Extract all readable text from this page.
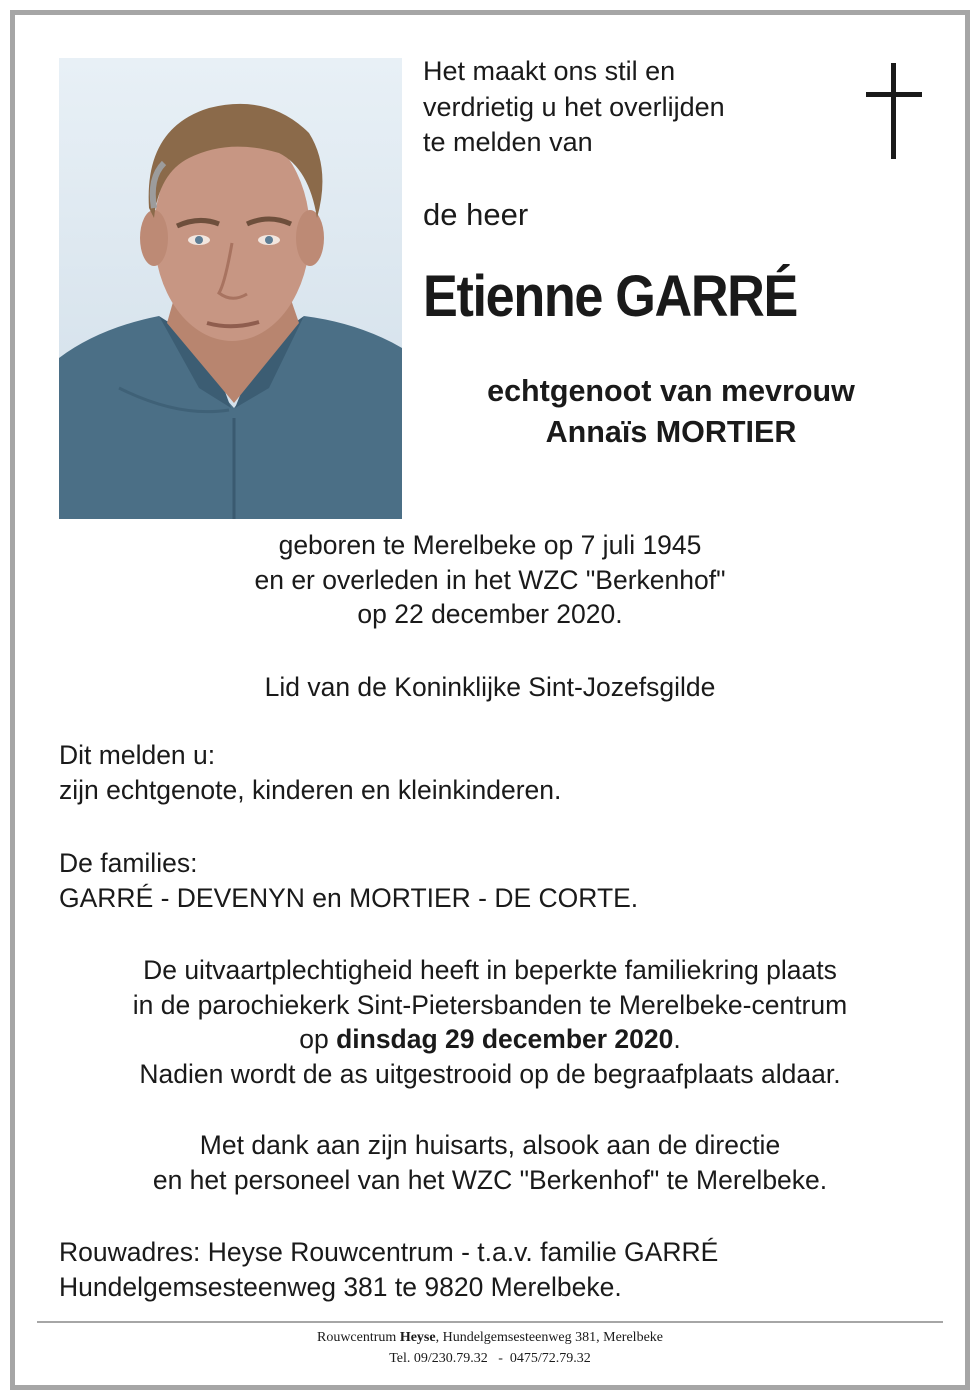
Het maakt ons stil en
verdrietig u het overlijden
te melden van
de heer
Etienne GARRÉ
echtgenoot van mevrouw
Annaïs MORTIER
geboren te Merelbeke op 7 juli 1945
en er overleden in het WZC "Berkenhof"
op 22 december 2020.
Lid van de Koninklijke Sint-Jozefsgilde
Dit melden u:
zijn echtgenote, kinderen en kleinkinderen.
De families:
GARRÉ - DEVENYN en MORTIER - DE CORTE.
De uitvaartplechtigheid heeft in beperkte familiekring plaats
in de parochiekerk Sint-Pietersbanden te Merelbeke-centrum
op dinsdag 29 december 2020.
Nadien wordt de as uitgestrooid op de begraafplaats aldaar.
Met dank aan zijn huisarts, alsook aan de directie
en het personeel van het WZC "Berkenhof" te Merelbeke.
Rouwadres: Heyse Rouwcentrum - t.a.v. familie GARRÉ
Hundelgemsesteenweg 381 te 9820 Merelbeke.
Rouwcentrum Heyse, Hundelgemsesteenweg 381, Merelbeke
Tel. 09/230.79.32   -  0475/72.79.32
